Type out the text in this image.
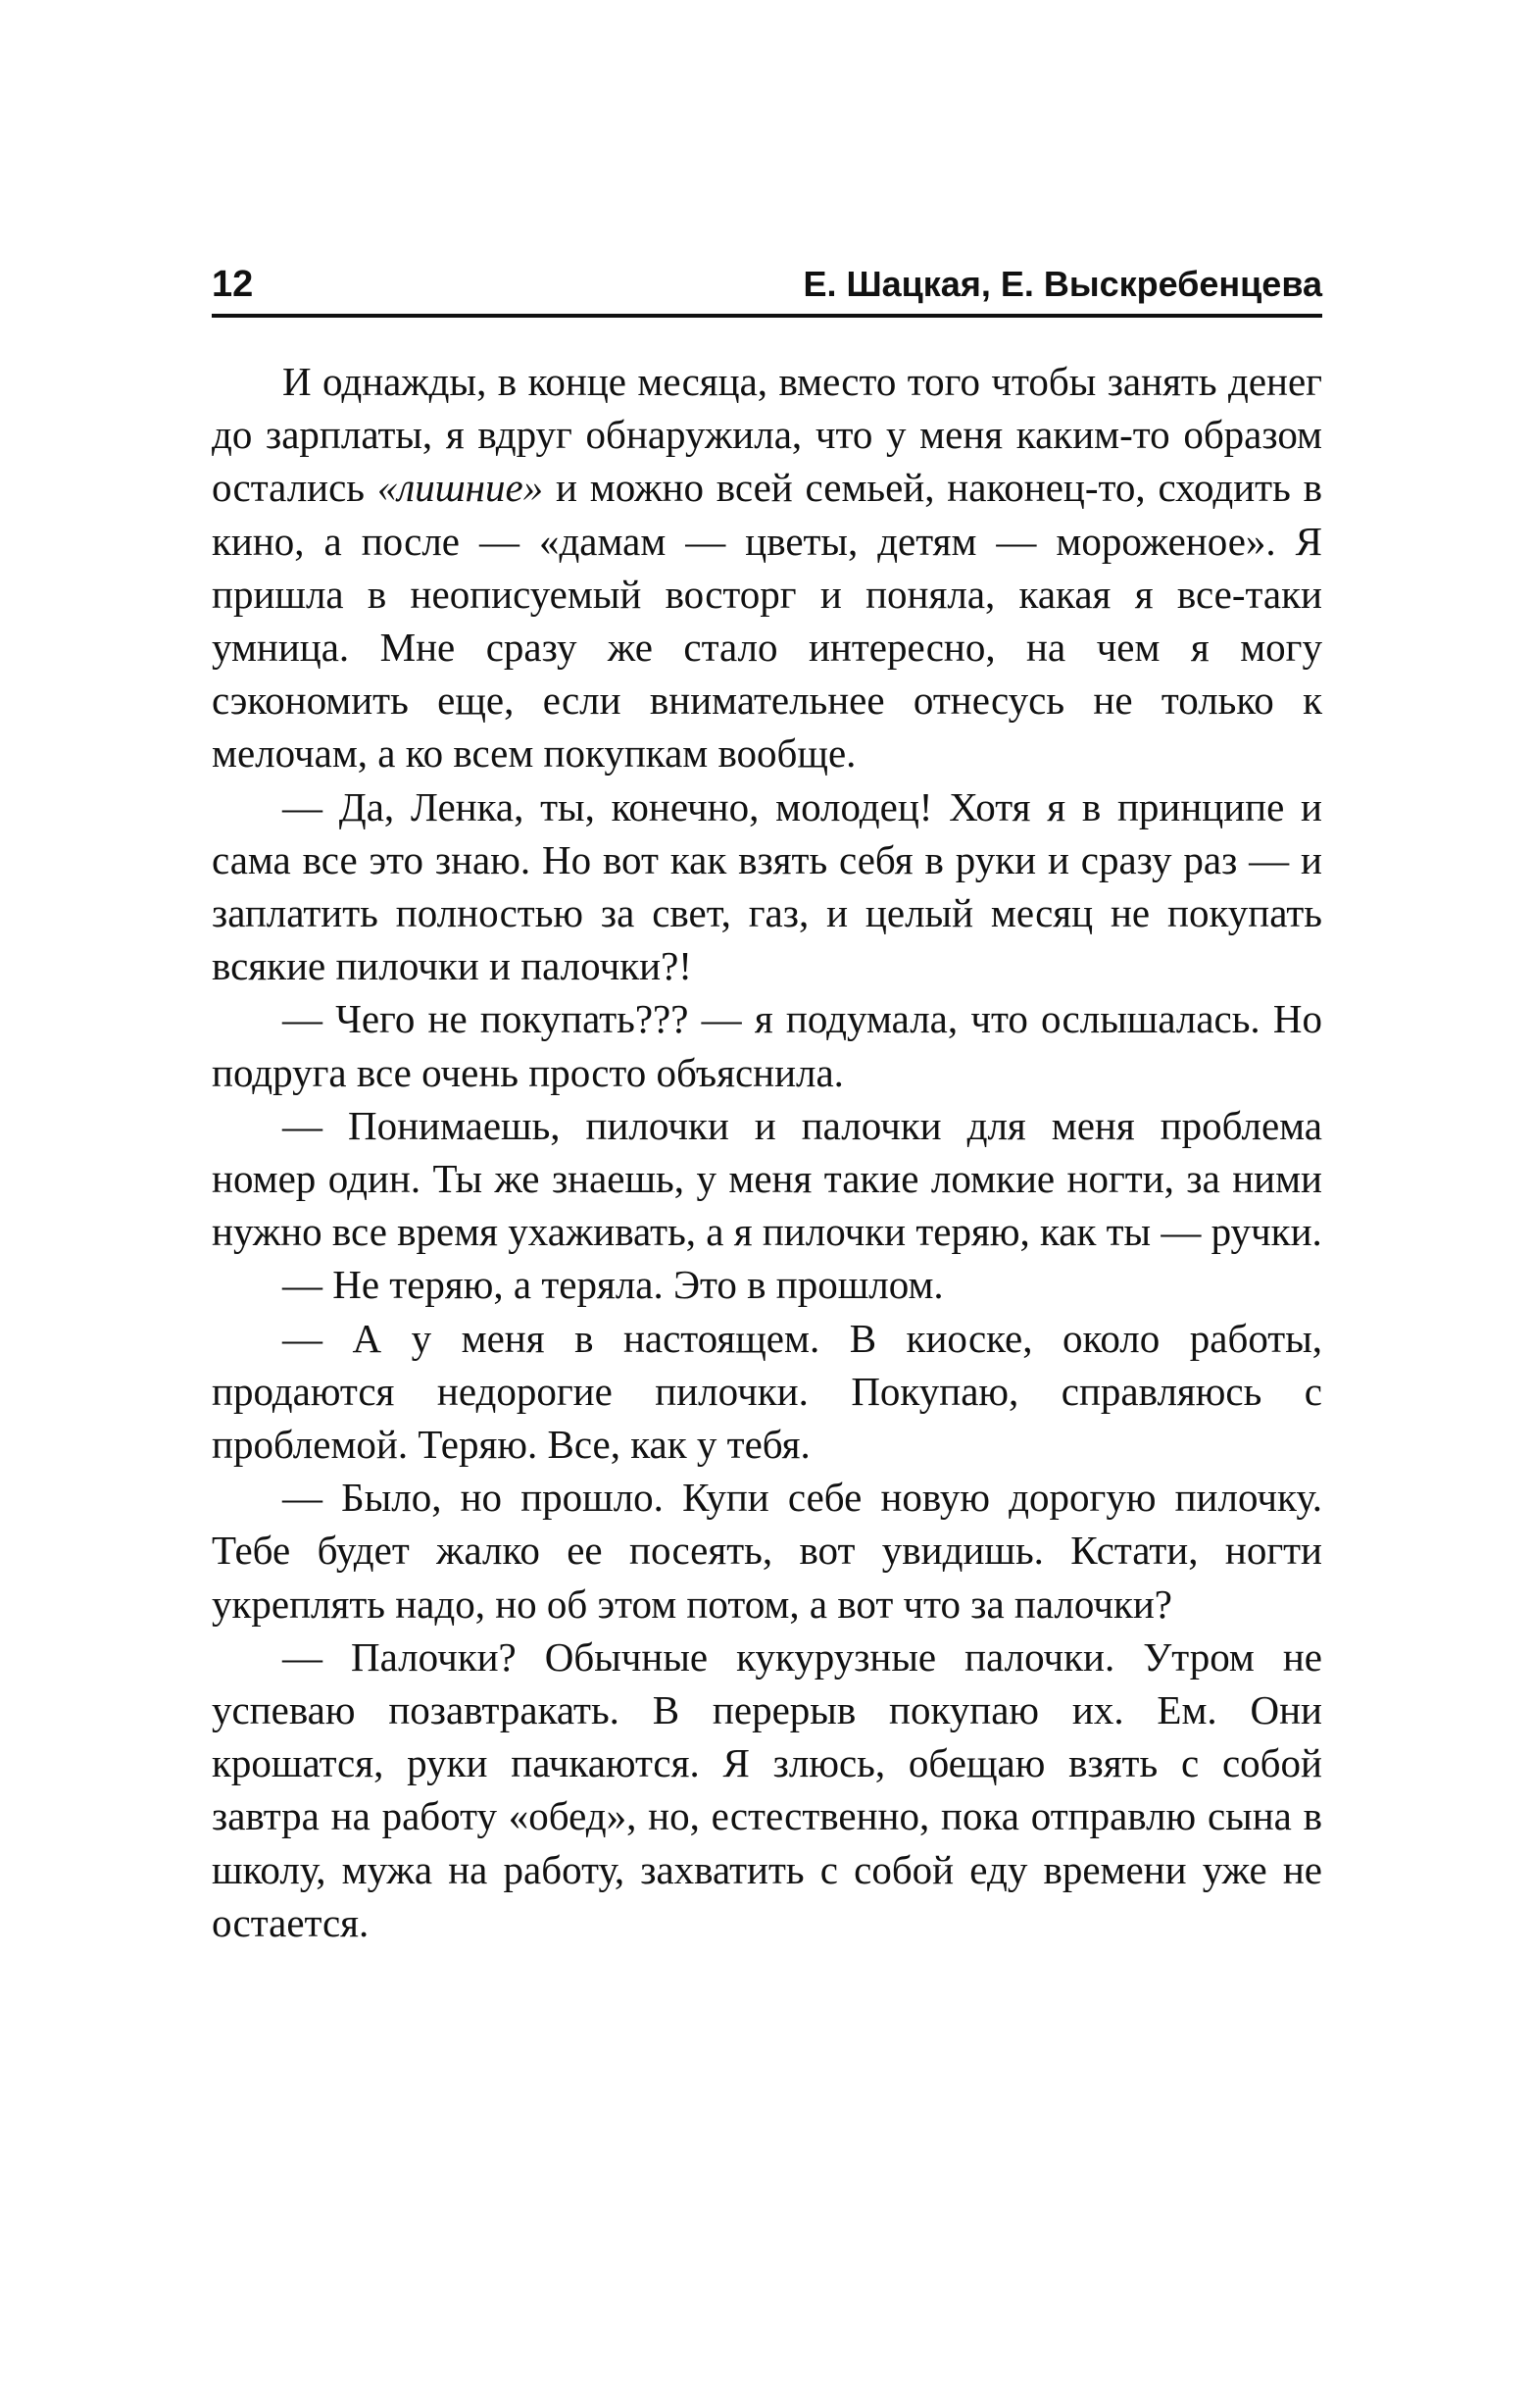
12	Е. Шацкая, Е. Выскребенцева

И однажды, в конце месяца, вместо того чтобы занять денег до зарплаты, я вдруг обнаружила, что у меня каким-то образом остались «лишние» и можно всей семьей, наконец-то, сходить в кино, а после — «дамам — цветы, детям — мороженое». Я пришла в неописуемый восторг и поняла, какая я все-таки умница. Мне сразу же стало интересно, на чем я могу сэкономить еще, если внимательнее отнесусь не только к мелочам, а ко всем покупкам вообще.

— Да, Ленка, ты, конечно, молодец! Хотя я в принципе и сама все это знаю. Но вот как взять себя в руки и сразу раз — и заплатить полностью за свет, газ, и целый месяц не покупать всякие пилочки и палочки?!

— Чего не покупать??? — я подумала, что ослышалась. Но подруга все очень просто объяснила.

— Понимаешь, пилочки и палочки для меня проблема номер один. Ты же знаешь, у меня такие ломкие ногти, за ними нужно все время ухаживать, а я пилочки теряю, как ты — ручки.

— Не теряю, а теряла. Это в прошлом.

— А у меня в настоящем. В киоске, около работы, продаются недорогие пилочки. Покупаю, справляюсь с проблемой. Теряю. Все, как у тебя.

— Было, но прошло. Купи себе новую дорогую пилочку. Тебе будет жалко ее посеять, вот увидишь. Кстати, ногти укреплять надо, но об этом потом, а вот что за палочки?

— Палочки? Обычные кукурузные палочки. Утром не успеваю позавтракать. В перерыв покупаю их. Ем. Они крошатся, руки пачкаются. Я злюсь, обещаю взять с собой завтра на работу «обед», но, естественно, пока отправлю сына в школу, мужа на работу, захватить с собой еду времени уже не остается.
